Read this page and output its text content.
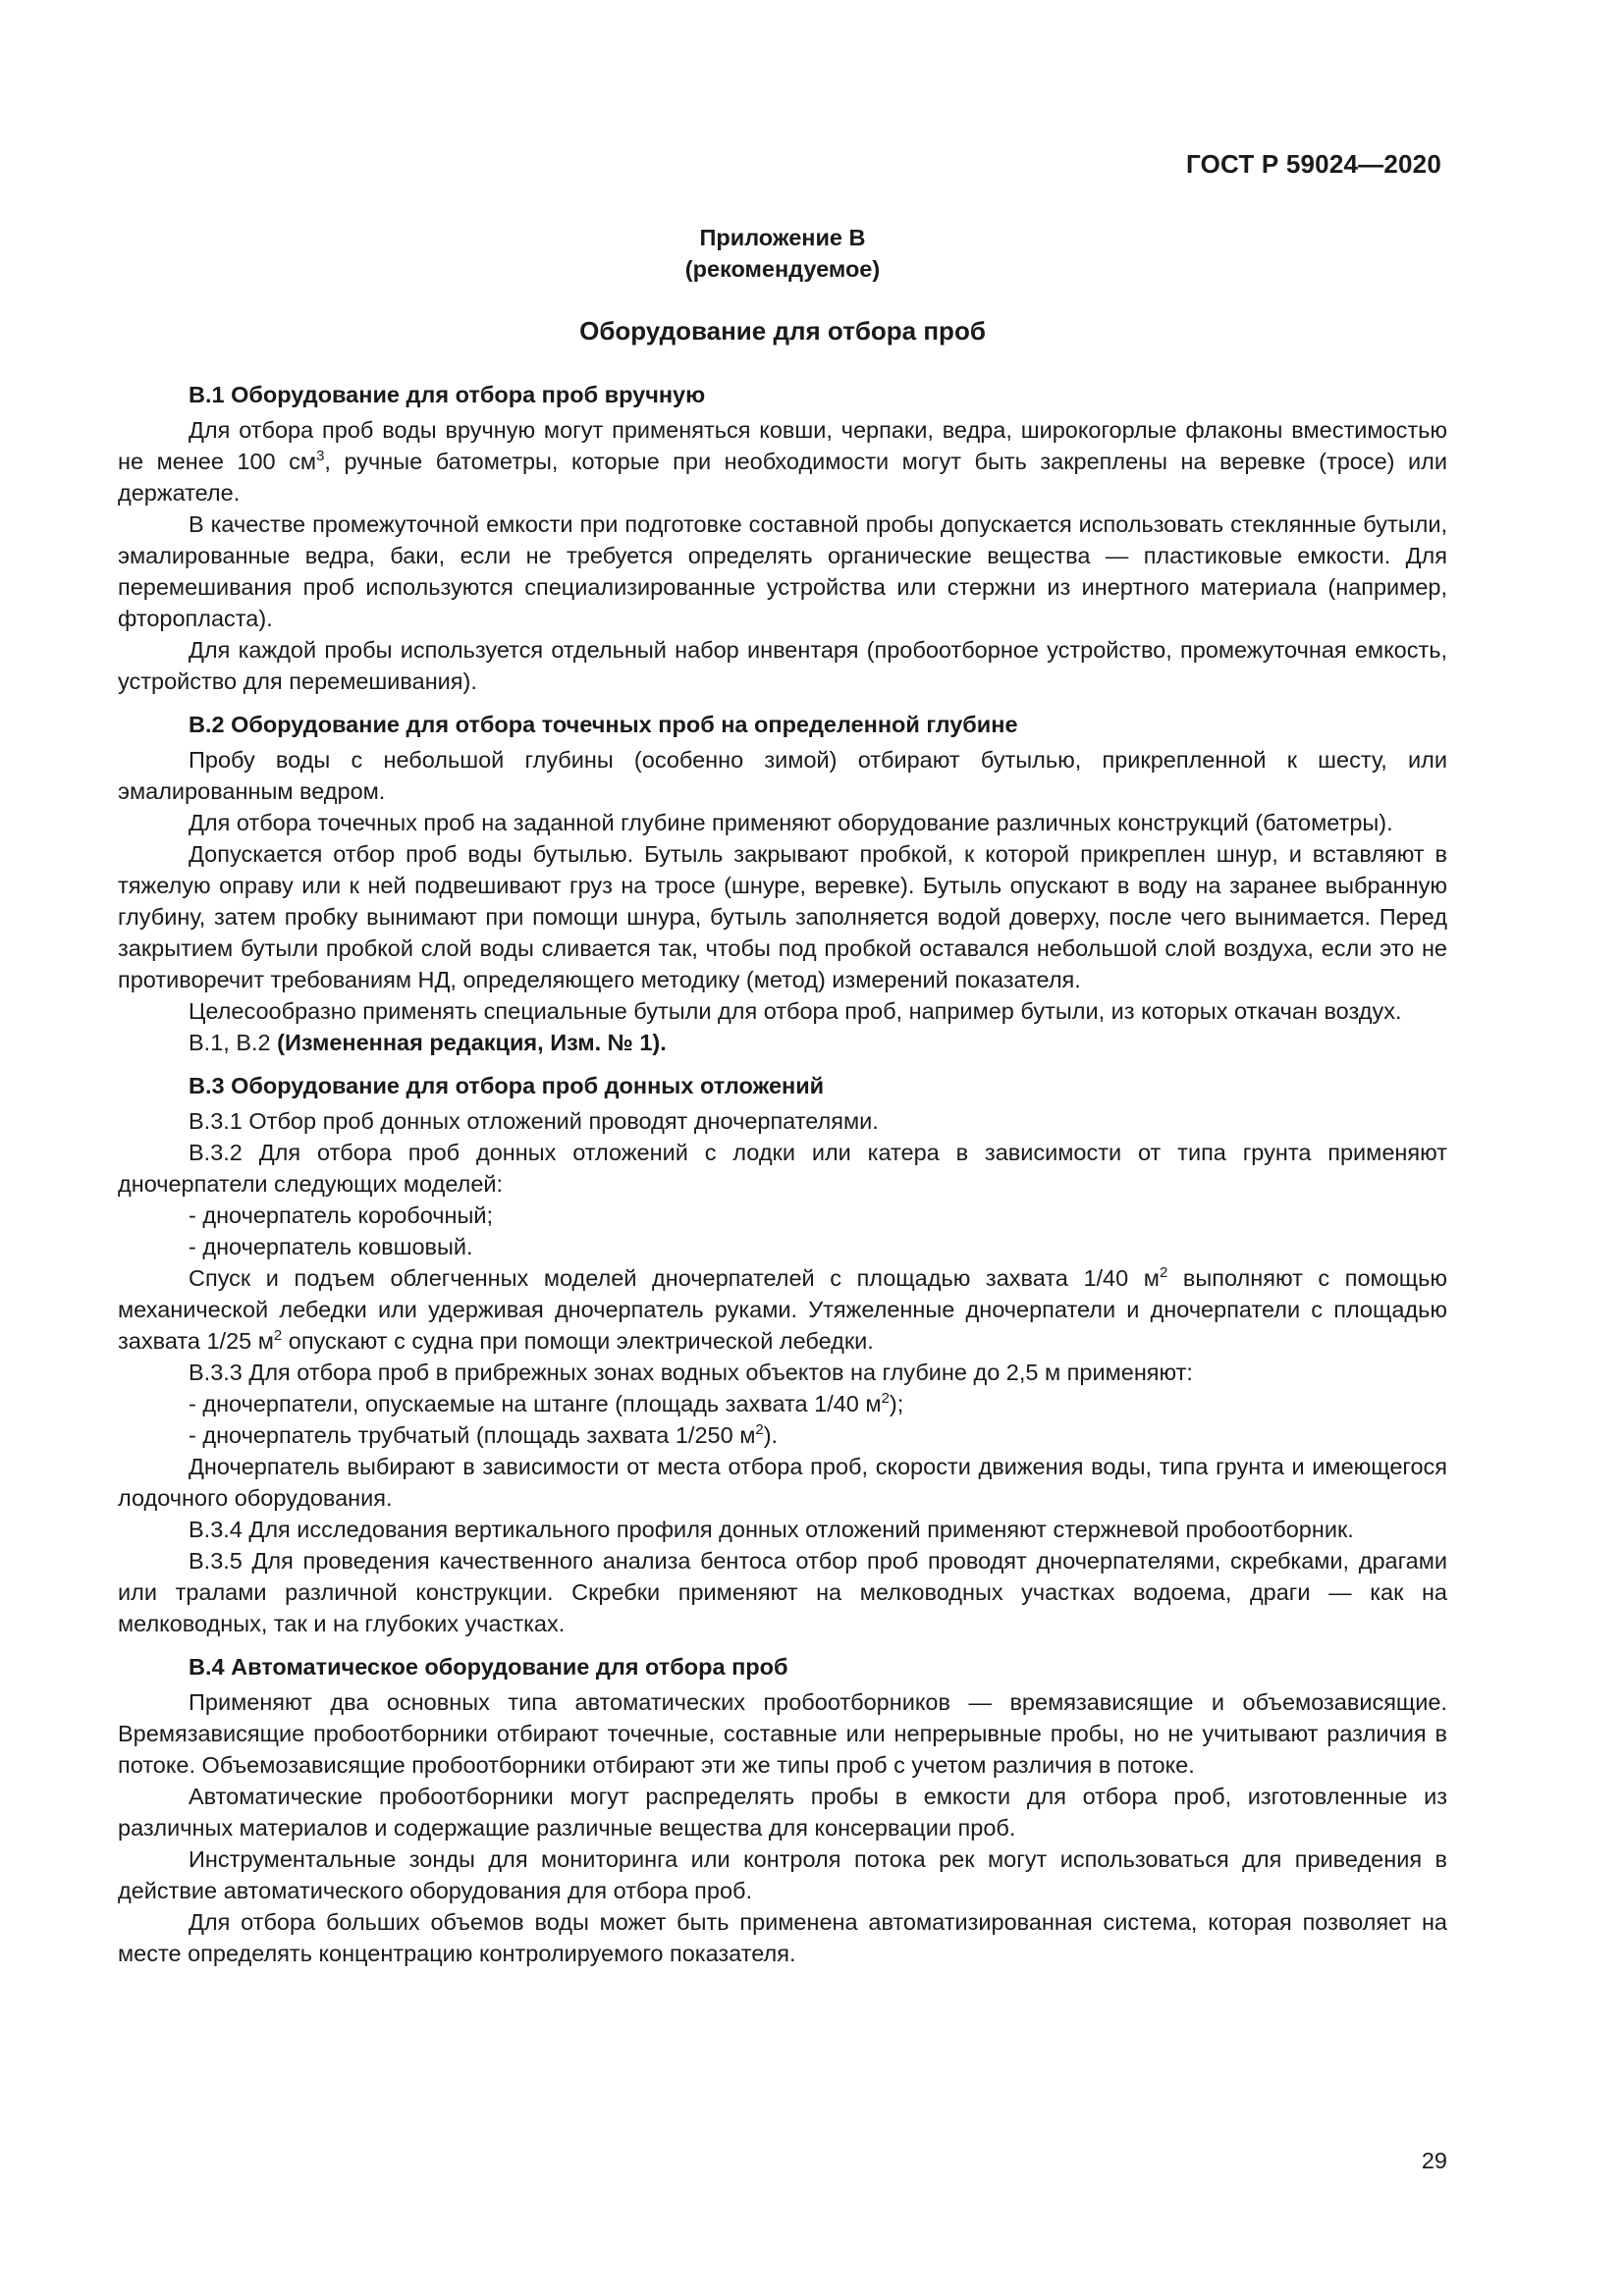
ГОСТ Р 59024—2020
Приложение В
(рекомендуемое)
Оборудование для отбора проб
В.1 Оборудование для отбора проб вручную

Для отбора проб воды вручную могут применяться ковши, черпаки, ведра, широкогорлые флаконы вместимостью не менее 100 $см^3$, ручные батометры, которые при необходимости могут быть закреплены на веревке (тросе) или держателе.

В качестве промежуточной емкости при подготовке составной пробы допускается использовать стеклянные бутыли, эмалированные ведра, баки, если не требуется определять органические вещества — пластиковые емкости. Для перемешивания проб используются специализированные устройства или стержни из инертного материала (например, фторопласта).

Для каждой пробы используется отдельный набор инвентаря (пробоотборное устройство, промежуточная емкость, устройство для перемешивания).

В.2 Оборудование для отбора точечных проб на определенной глубине

Пробу воды с небольшой глубины (особенно зимой) отбирают бутылью, прикрепленной к шесту, или эмалированным ведром.

Для отбора точечных проб на заданной глубине применяют оборудование различных конструкций (батометры).

Допускается отбор проб воды бутылью. Бутыль закрывают пробкой, к которой прикреплен шнур, и вставляют в тяжелую оправу или к ней подвешивают груз на тросе (шнуре, веревке). Бутыль опускают в воду на заранее выбранную глубину, затем пробку вынимают при помощи шнура, бутыль заполняется водой доверху, после чего вынимается. Перед закрытием бутыли пробкой слой воды сливается так, чтобы под пробкой оставался небольшой слой воздуха, если это не противоречит требованиям НД, определяющего методику (метод) измерений показателя.

Целесообразно применять специальные бутыли для отбора проб, например бутыли, из которых откачан воздух.

В.1, В.2 (Измененная редакция, Изм. № 1).

В.3 Оборудование для отбора проб донных отложений

В.3.1 Отбор проб донных отложений проводят дночерпателями.

В.3.2 Для отбора проб донных отложений с лодки или катера в зависимости от типа грунта применяют дночерпатели следующих моделей:

- дночерпатель коробочный;

- дночерпатель ковшовый.

Спуск и подъем облегченных моделей дночерпателей с площадью захвата 1/40 $м^2$ выполняют с помощью механической лебедки или удерживая дночерпатель руками. Утяжеленные дночерпатели и дночерпатели с площадью захвата 1/25 $м^2$ опускают с судна при помощи электрической лебедки.

В.3.3 Для отбора проб в прибрежных зонах водных объектов на глубине до 2,5 м применяют:

- дночерпатели, опускаемые на штанге (площадь захвата 1/40 $м^2$);

- дночерпатель трубчатый (площадь захвата 1/250 $м^2$).

Дночерпатель выбирают в зависимости от места отбора проб, скорости движения воды, типа грунта и имеющегося лодочного оборудования.

В.3.4 Для исследования вертикального профиля донных отложений применяют стержневой пробоотборник.

В.3.5 Для проведения качественного анализа бентоса отбор проб проводят дночерпателями, скребками, драгами или тралами различной конструкции. Скребки применяют на мелководных участках водоема, драги — как на мелководных, так и на глубоких участках.

В.4 Автоматическое оборудование для отбора проб

Применяют два основных типа автоматических пробоотборников — времязависящие и объемозависящие. Времязависящие пробоотборники отбирают точечные, составные или непрерывные пробы, но не учитывают различия в потоке. Объемозависящие пробоотборники отбирают эти же типы проб с учетом различия в потоке.

Автоматические пробоотборники могут распределять пробы в емкости для отбора проб, изготовленные из различных материалов и содержащие различные вещества для консервации проб.

Инструментальные зонды для мониторинга или контроля потока рек могут использоваться для приведения в действие автоматического оборудования для отбора проб.

Для отбора больших объемов воды может быть применена автоматизированная система, которая позволяет на месте определять концентрацию контролируемого показателя.

29
